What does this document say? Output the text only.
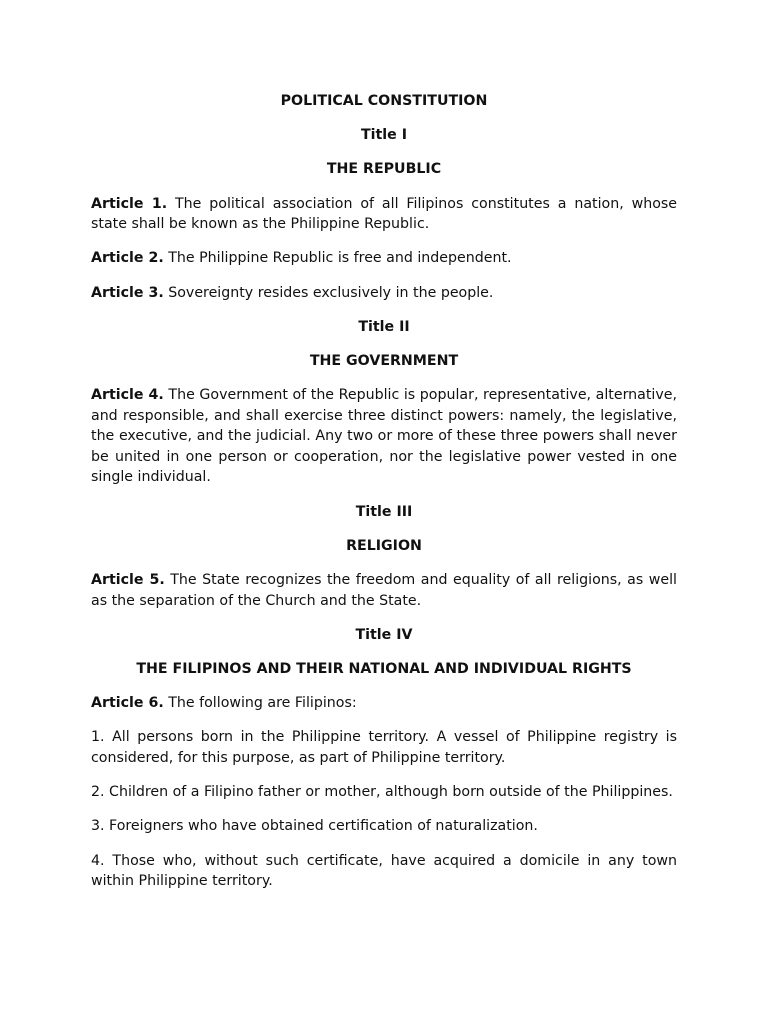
POLITICAL CONSTITUTION
Title I
THE REPUBLIC
Article 1. The political association of all Filipinos constitutes a nation, whose state shall be known as the Philippine Republic.
Article 2. The Philippine Republic is free and independent.
Article 3. Sovereignty resides exclusively in the people.
Title II
THE GOVERNMENT
Article 4. The Government of the Republic is popular, representative, alternative, and responsible, and shall exercise three distinct powers: namely, the legislative, the executive, and the judicial. Any two or more of these three powers shall never be united in one person or cooperation, nor the legislative power vested in one single individual.
Title III
RELIGION
Article 5. The State recognizes the freedom and equality of all religions, as well as the separation of the Church and the State.
Title IV
THE FILIPINOS AND THEIR NATIONAL AND INDIVIDUAL RIGHTS
Article 6. The following are Filipinos:
1. All persons born in the Philippine territory. A vessel of Philippine registry is considered, for this purpose, as part of Philippine territory.
2. Children of a Filipino father or mother, although born outside of the Philippines.
3. Foreigners who have obtained certification of naturalization.
4. Those who, without such certificate, have acquired a domicile in any town within Philippine territory.
